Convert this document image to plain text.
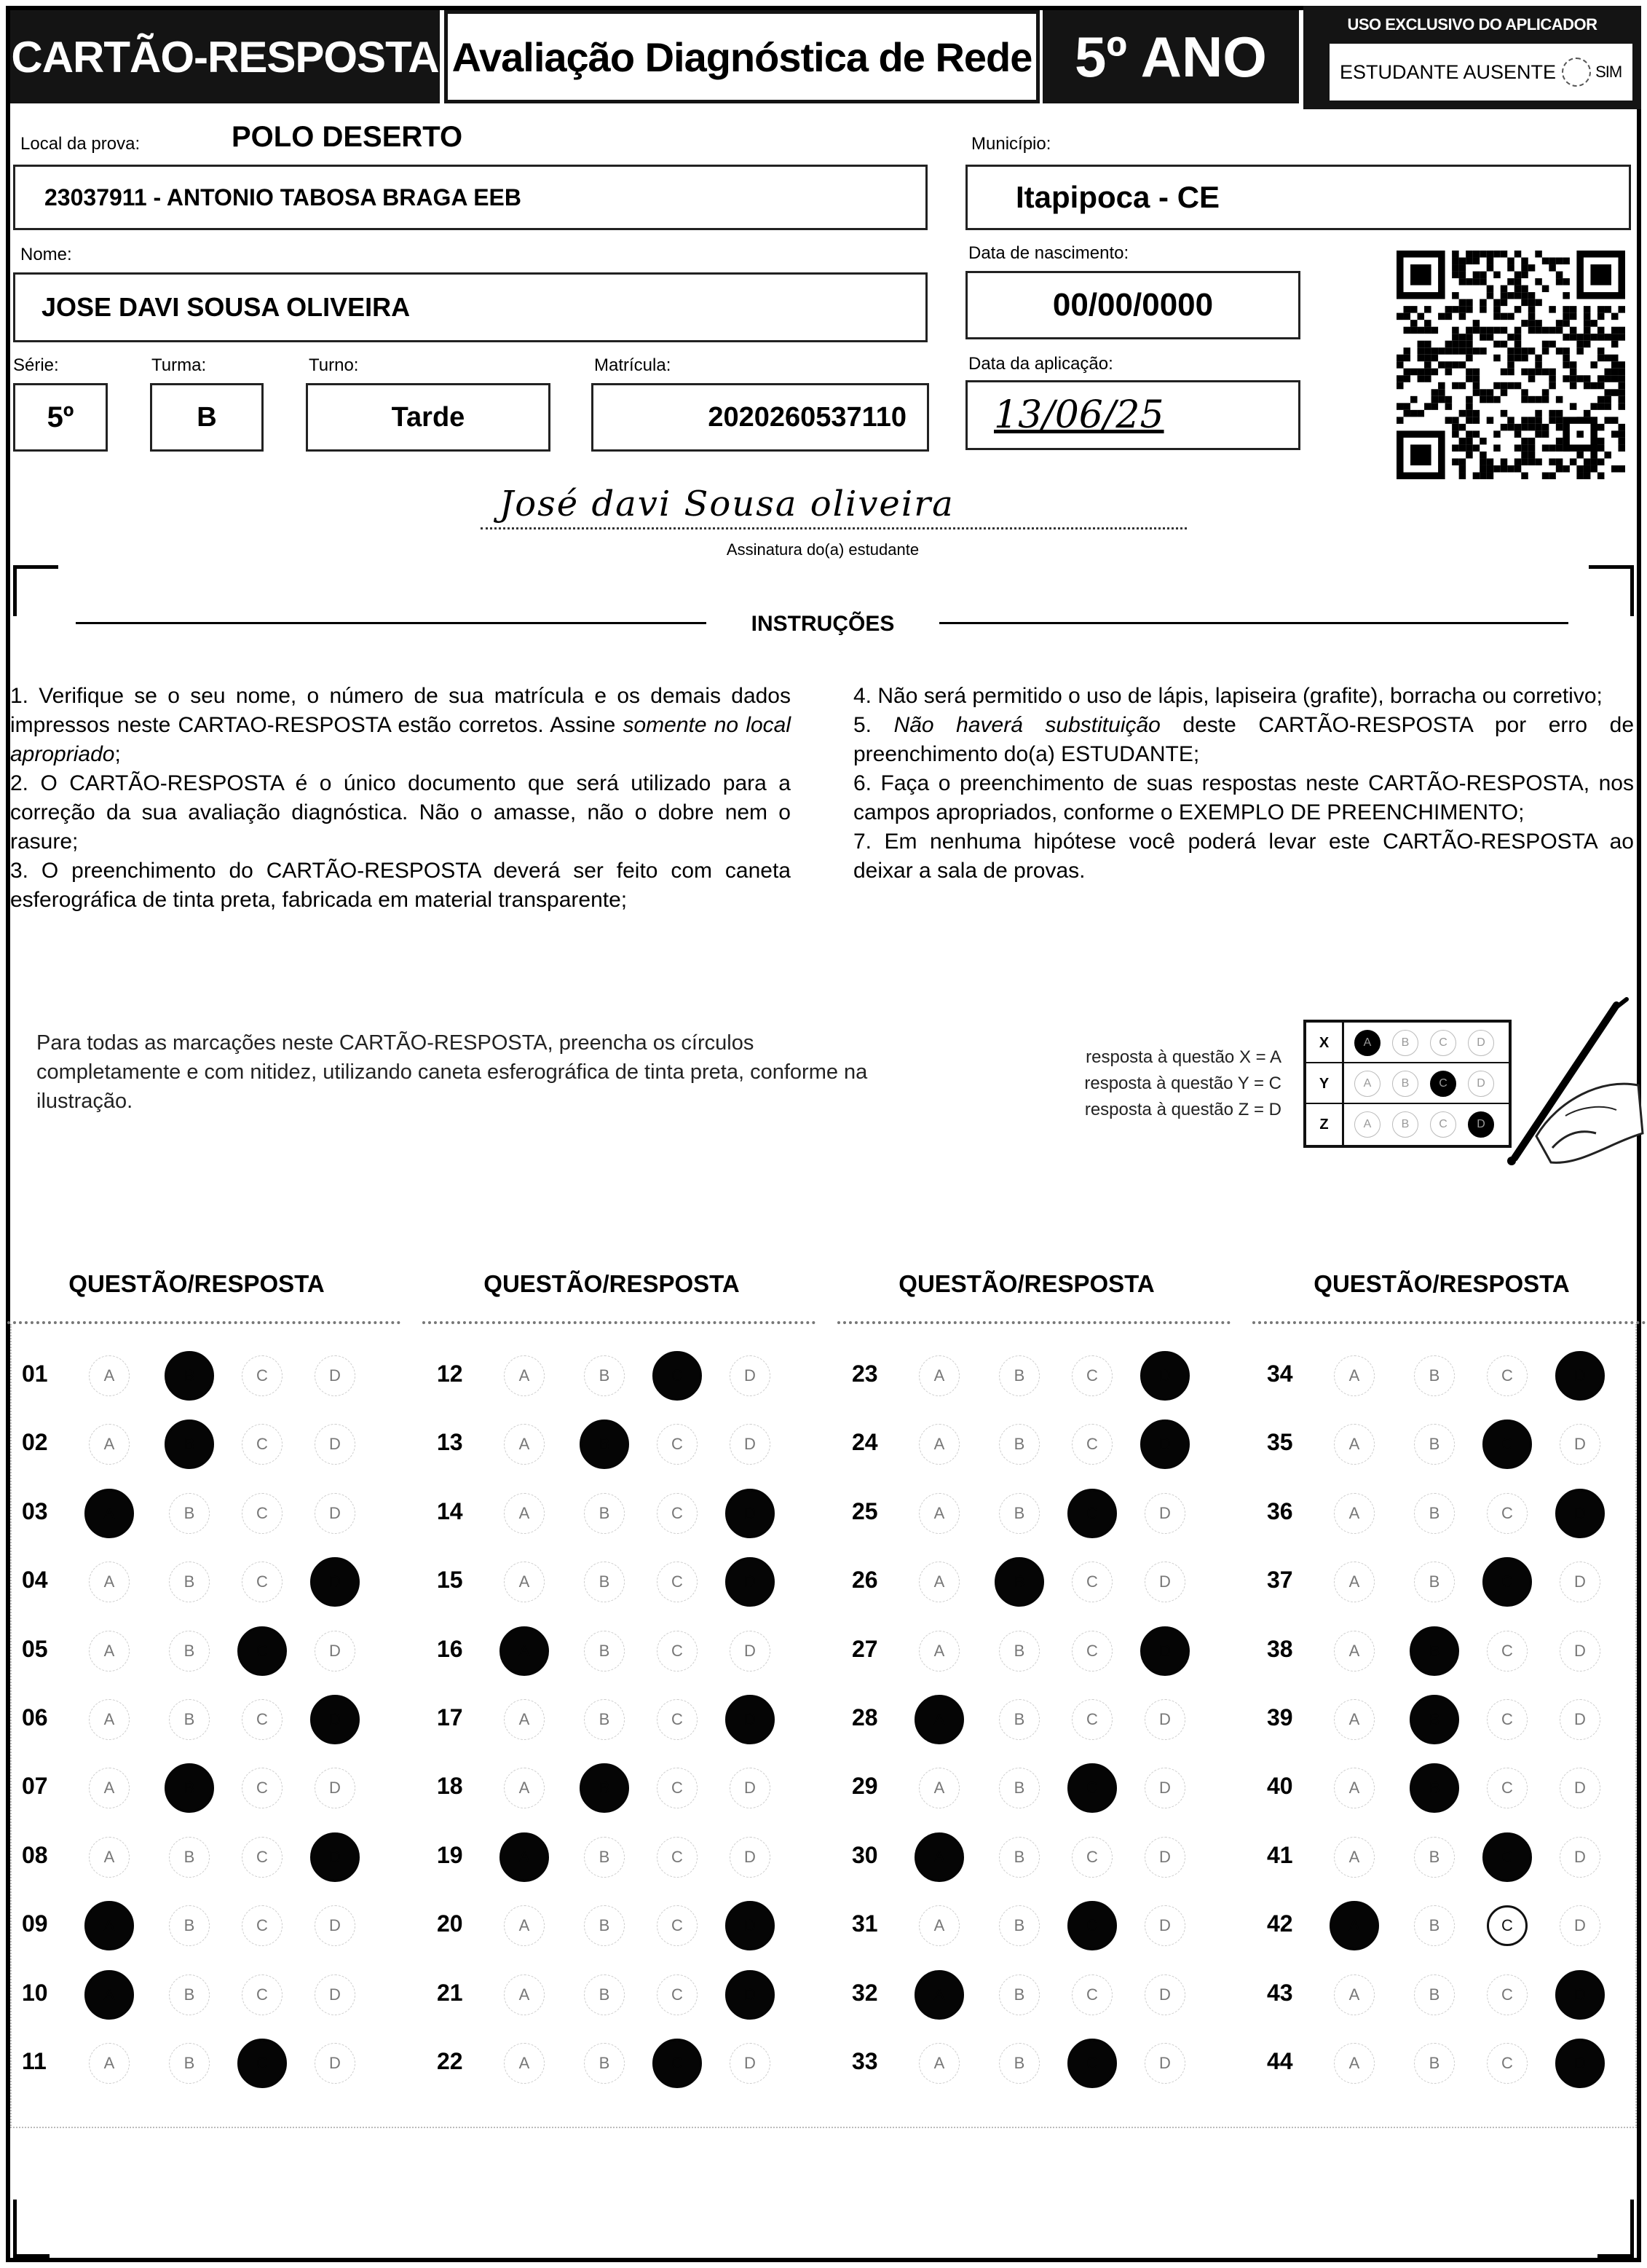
CARTÃO-RESPOSTA Avaliação Diagnóstica de Rede 5º ANO	USO EXCLUSIVO DO APLICADOR
ESTUDANTE AUSENTE SIM
Local da prova:	POLO DESERTO
23037911 - ANTONIO TABOSA BRAGA EEB
Município:
Itapipoca - CE
Nome:
JOSE DAVI SOUSA OLIVEIRA
Data de nascimento:
00/00/0000
Série:
5º
Turma:
B
Turno:
Tarde
Matrícula:
2020260537110
Data da aplicação:
13/06/25
José davi Sousa oliveira
Assinatura do(a) estudante
INSTRUÇÕES

1. Verifique se o seu nome, o número de sua matrícula e os demais dados impressos neste CARTAO-RESPOSTA estão corretos. Assine somente no local apropriado;

2. O CARTÃO-RESPOSTA é o único documento que será utilizado para a correção da sua avaliação diagnóstica. Não o amasse, não o dobre nem o rasure;

3. O preenchimento do CARTÃO-RESPOSTA deverá ser feito com caneta esferográfica de tinta preta, fabricada em material transparente;

4. Não será permitido o uso de lápis, lapiseira (grafite), borracha ou corretivo;

5. Não haverá substituição deste CARTÃO-RESPOSTA por erro de preenchimento do(a) ESTUDANTE;

6. Faça o preenchimento de suas respostas neste CARTÃO-RESPOSTA, nos campos apropriados, conforme o EXEMPLO DE PREENCHIMENTO;

7. Em nenhuma hipótese você poderá levar este CARTÃO-RESPOSTA ao deixar a sala de provas.

Para todas as marcações neste CARTÃO-RESPOSTA, preencha os círculos completamente e com nitidez, utilizando caneta esferográfica de tinta preta, conforme na ilustração.
resposta à questão X = A
resposta à questão Y = C
resposta à questão Z = D
X	A	B	C	D
Y	A	B	C	D
Z	A	B	C	D
QUESTÃO/RESPOSTA
01	A	B	C	D
02	A	B	C	D
03	A	B	C	D
04	A	B	C	D
05	A	B	C	D
06	A	B	C	D
07	A	B	C	D
08	A	B	C	D
09	A	B	C	D
10	A	B	C	D
11	A	B	C	D
QUESTÃO/RESPOSTA
12	A	B	C	D
13	A	B	C	D
14	A	B	C	D
15	A	B	C	D
16	A	B	C	D
17	A	B	C	D
18	A	B	C	D
19	A	B	C	D
20	A	B	C	D
21	A	B	C	D
22	A	B	C	D
QUESTÃO/RESPOSTA
23	A	B	C	D
24	A	B	C	D
25	A	B	C	D
26	A	B	C	D
27	A	B	C	D
28	A	B	C	D
29	A	B	C	D
30	A	B	C	D
31	A	B	C	D
32	A	B	C	D
33	A	B	C	D
QUESTÃO/RESPOSTA
34	A	B	C	D
35	A	B	C	D
36	A	B	C	D
37	A	B	C	D
38	A	B	C	D
39	A	B	C	D
40	A	B	C	D
41	A	B	C	D
42	A	B	C	D
43	A	B	C	D
44	A	B	C	D
